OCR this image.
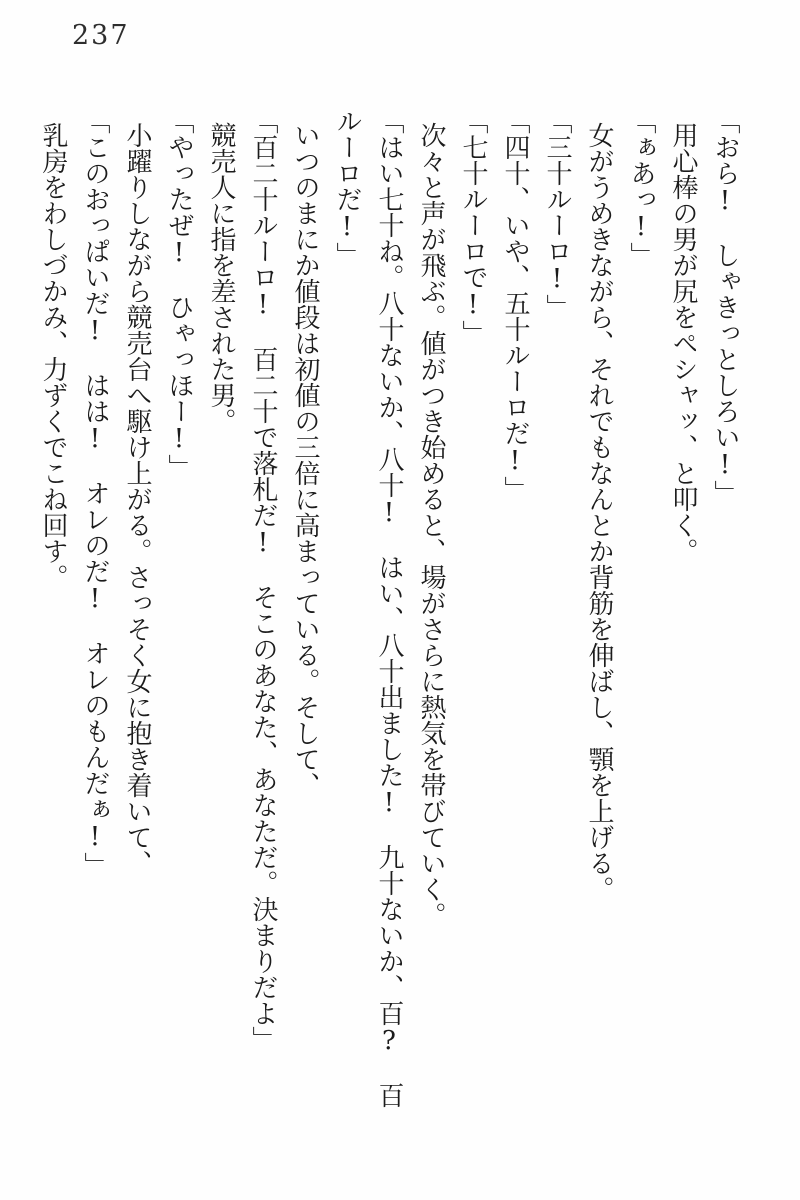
237

「おら!　しゃきっとしろい!」

用心棒の男が尻をペシャッ、と叩く。

「ぁあっ!」

女がうめきながら、それでもなんとか背筋を伸ばし、顎を上げる。

「三十ルーロ!」

「四十、いや、五十ルーロだ!」

「七十ルーロで!」

次々と声が飛ぶ。値がつき始めると、場がさらに熱気を帯びていく。

「はい七十ね。八十ないか、八十!　はい、八十出ました!　九十ないか、百?　百

ルーロだ!」

いつのまにか値段は初値の三倍に高まっている。そして、

「百二十ルーロ!　百二十で落札だ!　そこのあなた、あなただ。決まりだよ」

競売人に指を差された男。

「やったぜ!　ひゃっほー!」

小躍りしながら競売台へ駆け上がる。さっそく女に抱き着いて、

「このおっぱいだ!　はは!　オレのだ!　オレのもんだぁ!」

乳房をわしづかみ、力ずくでこね回す。
